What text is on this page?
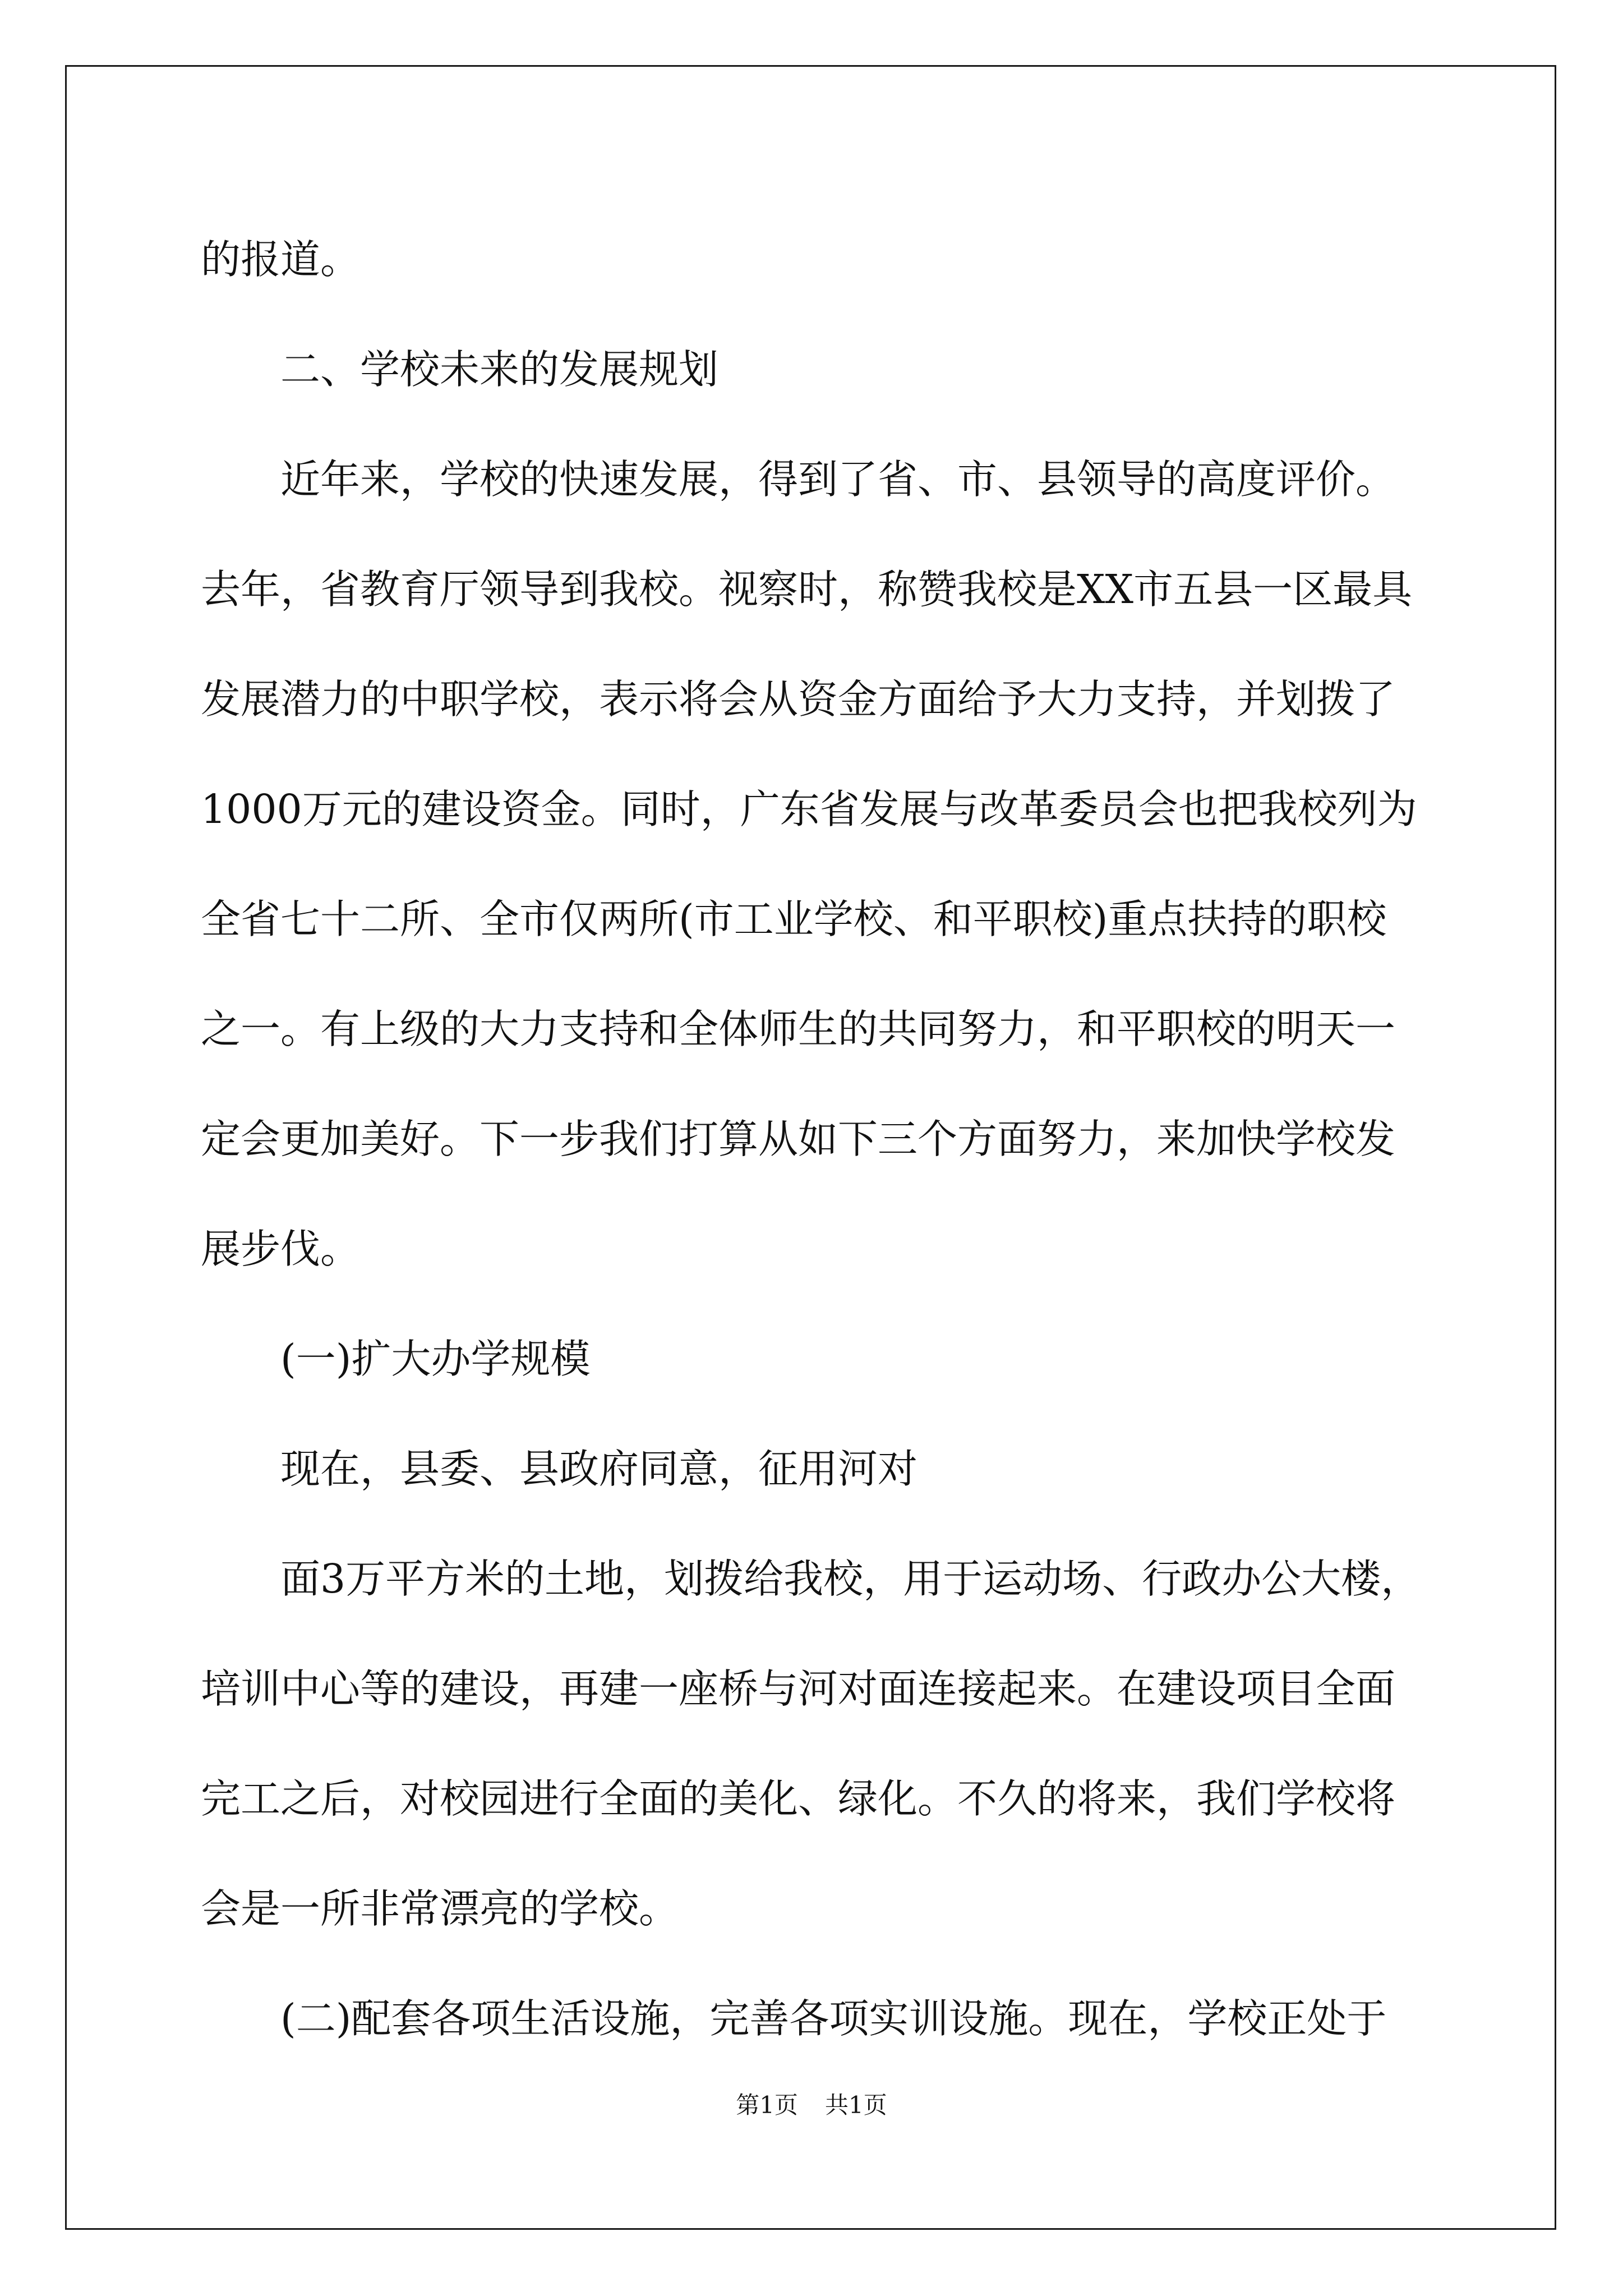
的报道。
　　二、学校未来的发展规划
　　近年来，学校的快速发展，得到了省、市、县领导的高度评价。
去年，省教育厅领导到我校。视察时，称赞我校是XX市五县一区最具
发展潜力的中职学校，表示将会从资金方面给予大力支持，并划拨了
1000万元的建设资金。同时，广东省发展与改革委员会也把我校列为
全省七十二所、全市仅两所(市工业学校、和平职校)重点扶持的职校
之一。有上级的大力支持和全体师生的共同努力，和平职校的明天一
定会更加美好。下一步我们打算从如下三个方面努力，来加快学校发
展步伐。
　　(一)扩大办学规模
　　现在，县委、县政府同意，征用河对
　　面3万平方米的土地，划拨给我校，用于运动场、行政办公大楼，
培训中心等的建设，再建一座桥与河对面连接起来。在建设项目全面
完工之后，对校园进行全面的美化、绿化。不久的将来，我们学校将
会是一所非常漂亮的学校。
　　(二)配套各项生活设施，完善各项实训设施。现在，学校正处于
第1页 共1页
